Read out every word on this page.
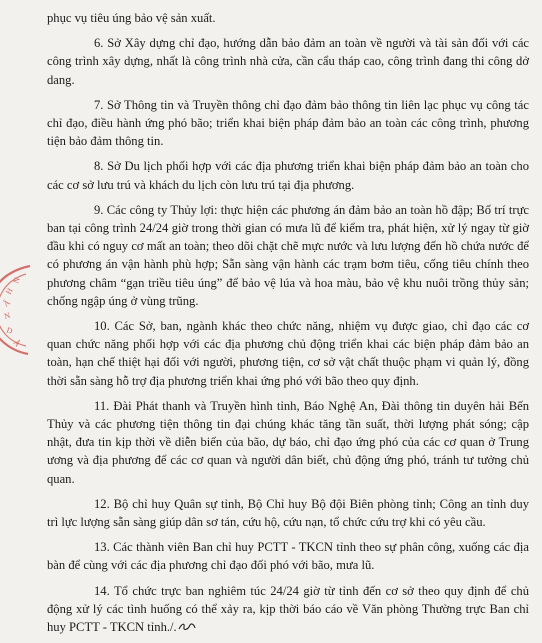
N
H
Â
N
D
Â

phục vụ tiêu úng bảo vệ sản xuất.

6. Sở Xây dựng chỉ đạo, hướng dẫn bảo đảm an toàn về người và tài sản đối với các công trình xây dựng, nhất là công trình nhà cửa, cần cẩu tháp cao, công trình đang thi công dở dang.

7. Sở Thông tin và Truyền thông chỉ đạo đảm bảo thông tin liên lạc phục vụ công tác chỉ đạo, điều hành ứng phó bão; triển khai biện pháp đảm bảo an toàn các công trình, phương tiện bảo đảm thông tin.

8. Sở Du lịch phối hợp với các địa phương triển khai biện pháp đảm bảo an toàn cho các cơ sở lưu trú và khách du lịch còn lưu trú tại địa phương.

9. Các công ty Thủy lợi: thực hiện các phương án đảm bảo an toàn hồ đập; Bố trí trực ban tại công trình 24/24 giờ trong thời gian có mưa lũ để kiểm tra, phát hiện, xử lý ngay từ giờ đầu khi có nguy cơ mất an toàn; theo dõi chặt chẽ mực nước và lưu lượng đến hồ chứa nước để có phương án vận hành phù hợp; Sẵn sàng vận hành các trạm bơm tiêu, cống tiêu chính theo phương châm “gạn triều tiêu úng” để bảo vệ lúa và hoa màu, bảo vệ khu nuôi trồng thủy sản; chống ngập úng ở vùng trũng.

10. Các Sở, ban, ngành khác theo chức năng, nhiệm vụ được giao, chỉ đạo các cơ quan chức năng phối hợp với các địa phương chủ động triển khai các biện pháp đảm bảo an toàn, hạn chế thiệt hại đối với người, phương tiện, cơ sở vật chất thuộc phạm vi quản lý, đồng thời sẵn sàng hỗ trợ địa phương triển khai ứng phó với bão theo quy định.

11. Đài Phát thanh và Truyền hình tỉnh, Báo Nghệ An, Đài thông tin duyên hải Bến Thủy và các phương tiện thông tin đại chúng khác tăng tần suất, thời lượng phát sóng; cập nhật, đưa tin kịp thời về diễn biến của bão, dự báo, chỉ đạo ứng phó của các cơ quan ở Trung ương và địa phương để các cơ quan và người dân biết, chủ động ứng phó, tránh tư tưởng chủ quan.

12. Bộ chỉ huy Quân sự tỉnh, Bộ Chỉ huy Bộ đội Biên phòng tỉnh; Công an tỉnh duy trì lực lượng sẵn sàng giúp dân sơ tán, cứu hộ, cứu nạn, tổ chức cứu trợ khi có yêu cầu.

13. Các thành viên Ban chỉ huy PCTT - TKCN tỉnh theo sự phân công, xuống các địa bàn để cùng với các địa phương chỉ đạo đối phó với bão, mưa lũ.

14. Tổ chức trực ban nghiêm túc 24/24 giờ từ tỉnh đến cơ sở theo quy định để chủ động xử lý các tình huống có thể xảy ra, kịp thời báo cáo về Văn phòng Thường trực Ban chỉ huy PCTT - TKCN tỉnh./.
